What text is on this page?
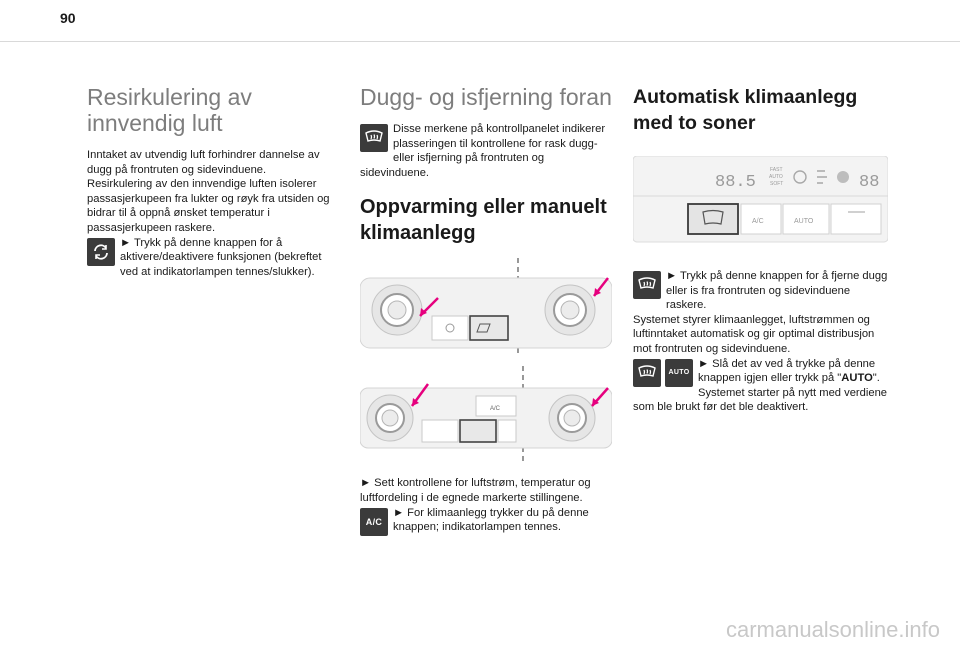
90
Resirkulering av
innvendig luft

Inntaket av utvendig luft forhindrer dannelse av dugg på frontruten og sidevinduene.

Resirkulering av den innvendige luften isolerer passasjerkupeen fra lukter og røyk fra utsiden og bidrar til å oppnå ønsket temperatur i passasjerkupeen raskere.

► Trykk på denne knappen for å aktivere/deaktivere funksjonen (bekreftet ved at indikatorlampen tennes/slukker).

Dugg- og isfjerning foran

Disse merkene på kontrollpanelet indikerer plasseringen til kontrollene for rask dugg- eller isfjerning på frontruten og sidevinduene.

Oppvarming eller manuelt
klimaanlegg
A/C

► Sett kontrollene for luftstrøm, temperatur og luftfordeling i de egnede markerte stillingene.

A/C

► For klimaanlegg trykker du på denne knappen; indikatorlampen tennes.

Automatisk klimaanlegg
med to soner
88.5
FAST
AUTO
SOFT	88
A/C	AUTO

► Trykk på denne knappen for å fjerne dugg eller is fra frontruten og sidevinduene raskere.

Systemet styrer klimaanlegget, luftstrømmen og luftinntaket automatisk og gir optimal distribusjon mot frontruten og sidevinduene.

AUTO

► Slå det av ved å trykke på denne knappen igjen eller trykk på "AUTO".

Systemet starter på nytt med verdiene som ble brukt før det ble deaktivert.

carmanualsonline.info
